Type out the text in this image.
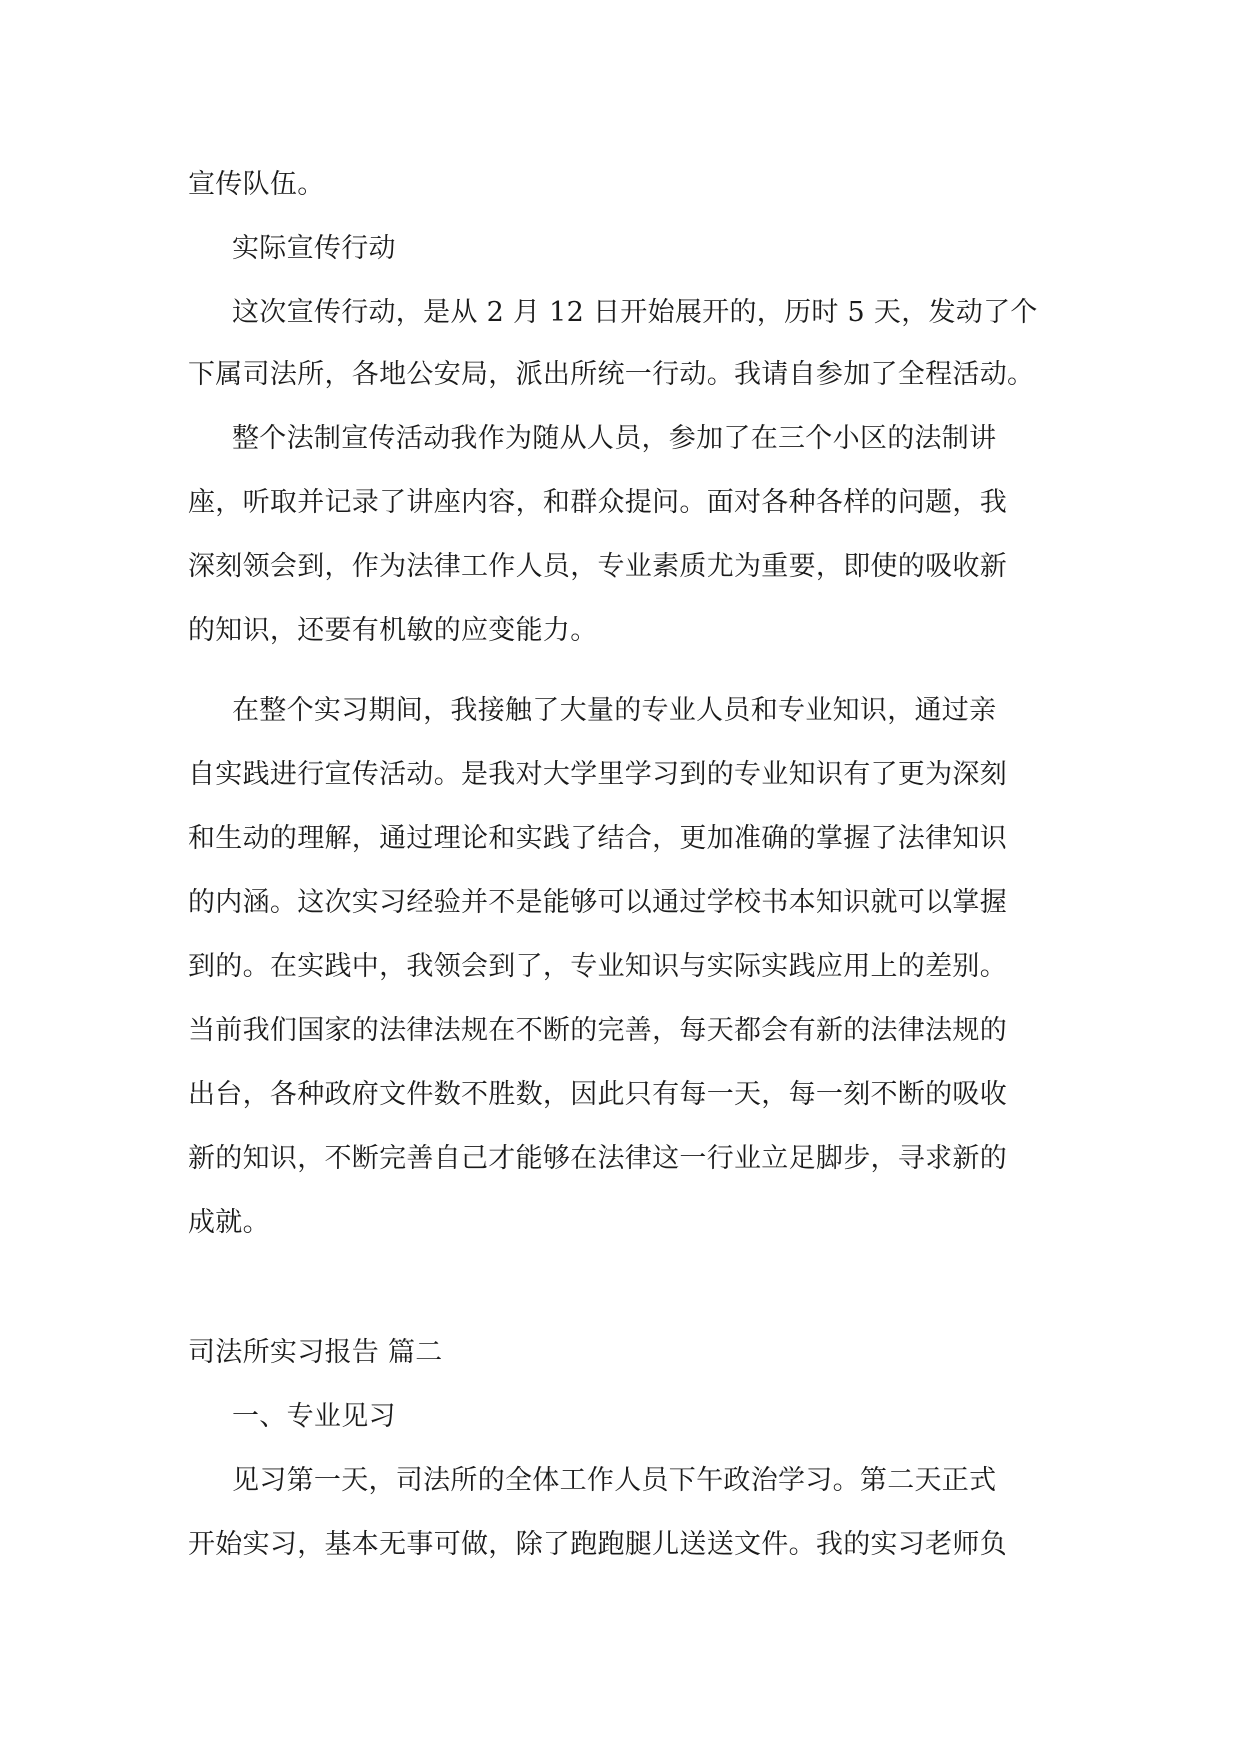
宣传队伍。
实际宣传行动
这次宣传行动，是从 2 月 12 日开始展开的，历时 5 天，发动了个
下属司法所，各地公安局，派出所统一行动。我请自参加了全程活动。
整个法制宣传活动我作为随从人员，参加了在三个小区的法制讲
座，听取并记录了讲座内容，和群众提问。面对各种各样的问题，我
深刻领会到，作为法律工作人员，专业素质尤为重要，即使的吸收新
的知识，还要有机敏的应变能力。
在整个实习期间，我接触了大量的专业人员和专业知识，通过亲
自实践进行宣传活动。是我对大学里学习到的专业知识有了更为深刻
和生动的理解，通过理论和实践了结合，更加准确的掌握了法律知识
的内涵。这次实习经验并不是能够可以通过学校书本知识就可以掌握
到的。在实践中，我领会到了，专业知识与实际实践应用上的差别。
当前我们国家的法律法规在不断的完善，每天都会有新的法律法规的
出台，各种政府文件数不胜数，因此只有每一天，每一刻不断的吸收
新的知识，不断完善自己才能够在法律这一行业立足脚步，寻求新的
成就。
司法所实习报告 篇二
一、专业见习
见习第一天，司法所的全体工作人员下午政治学习。第二天正式
开始实习，基本无事可做，除了跑跑腿儿送送文件。我的实习老师负
